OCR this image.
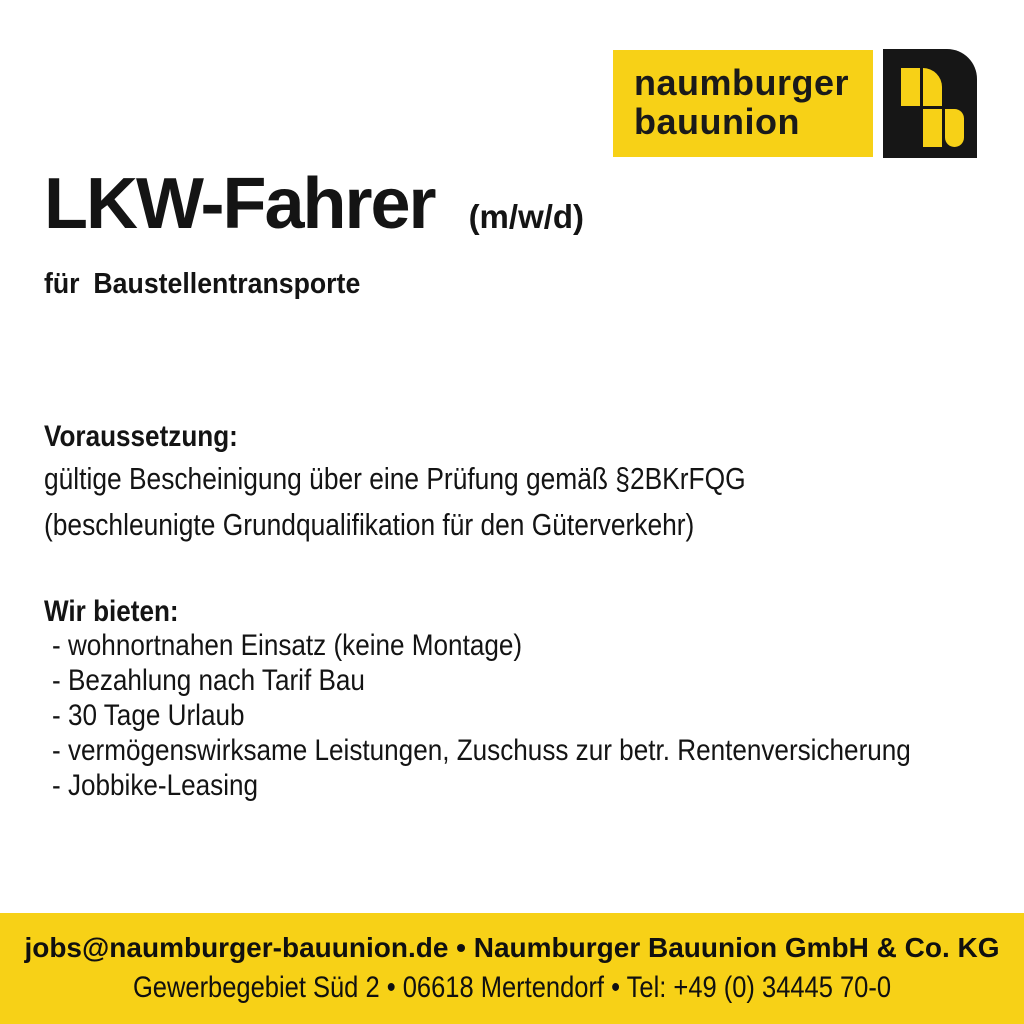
naumburger
bauunion
LKW-Fahrer (m/w/d)
für Baustellentransporte
Voraussetzung:
gültige Bescheinigung über eine Prüfung gemäß §2BKrFQG
(beschleunigte Grundqualifikation für den Güterverkehr)
Wir bieten:
- wohnortnahen Einsatz (keine Montage)
- Bezahlung nach Tarif Bau
- 30 Tage Urlaub
- vermögenswirksame Leistungen, Zuschuss zur betr. Rentenversicherung
- Jobbike-Leasing
jobs@naumburger-bauunion.de • Naumburger Bauunion GmbH & Co. KG
Gewerbegebiet Süd 2 • 06618 Mertendorf • Tel: +49 (0) 34445 70-0
